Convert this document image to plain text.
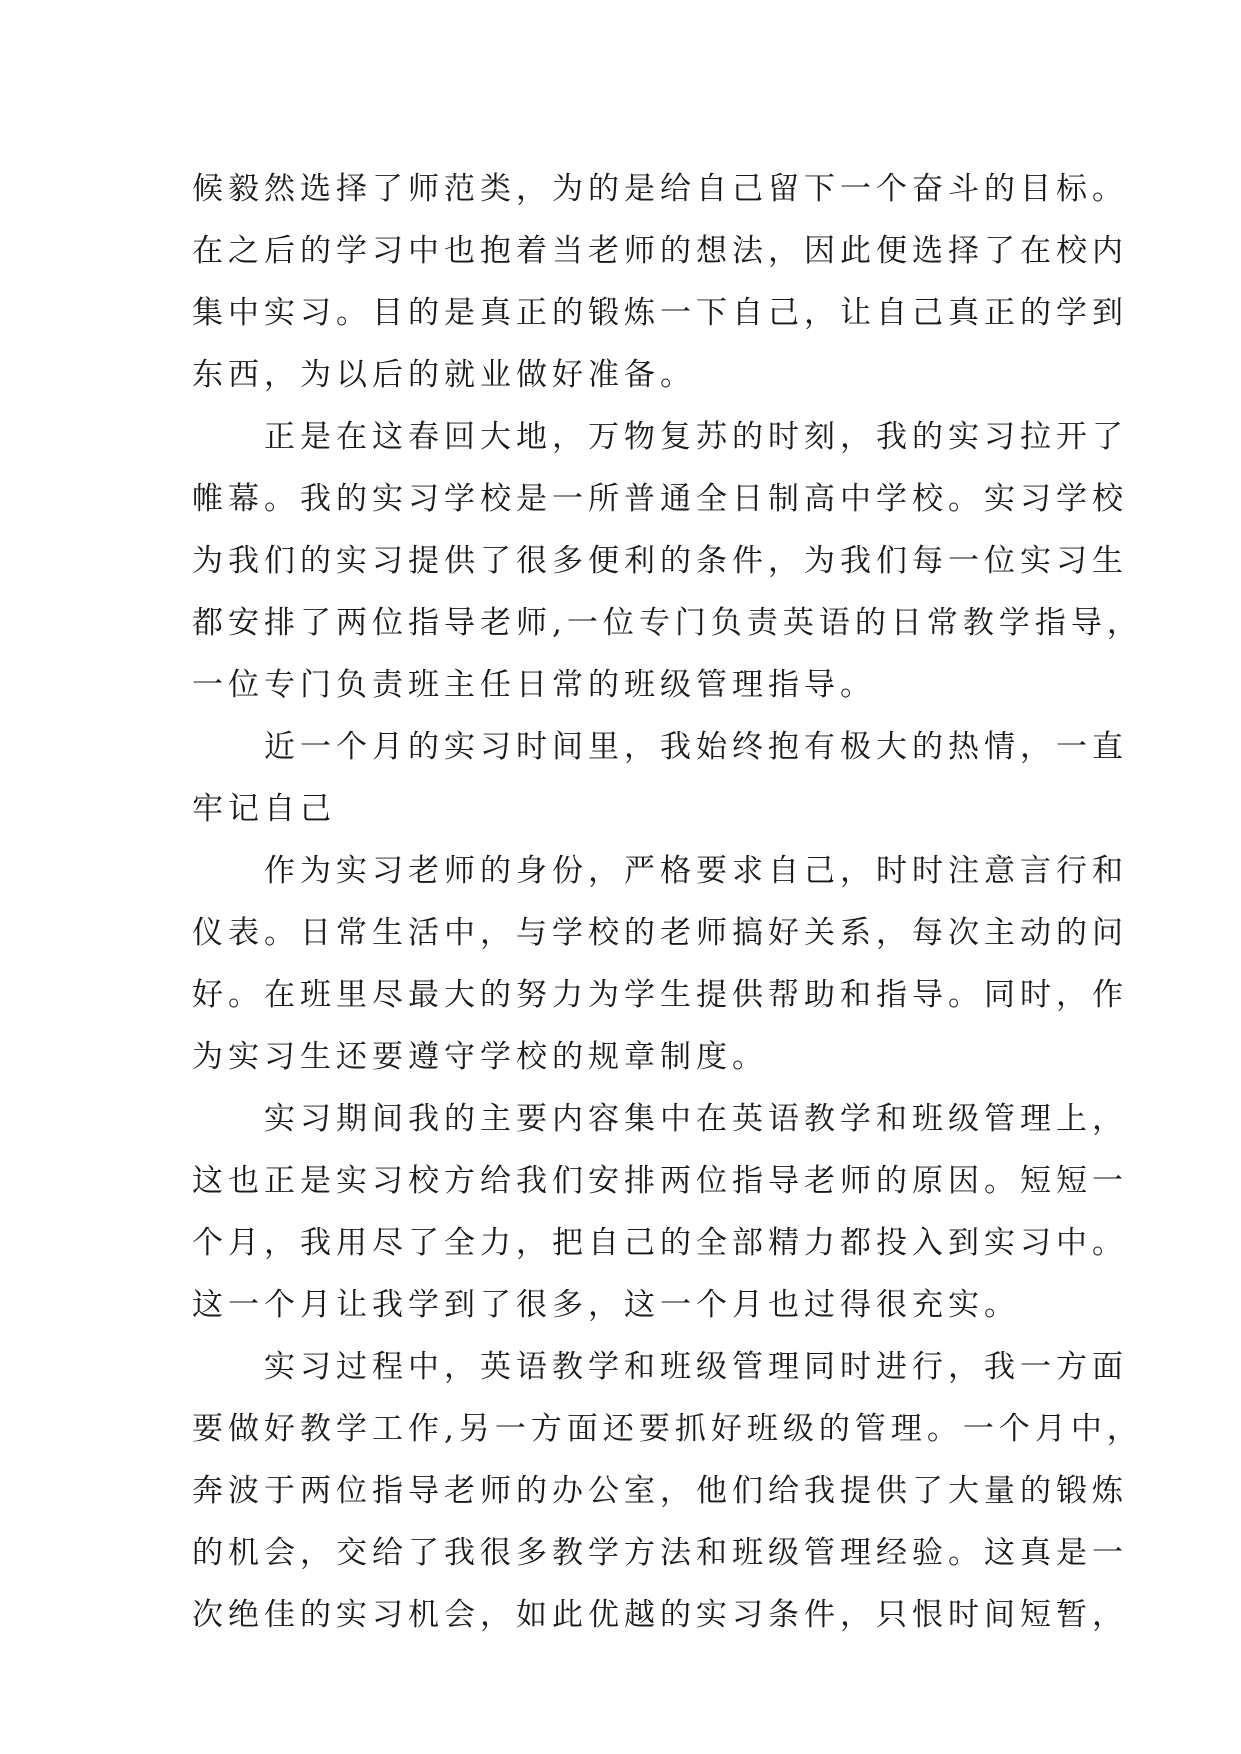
候毅然选择了师范类，为的是给自己留下一个奋斗的目标。
在之后的学习中也抱着当老师的想法，因此便选择了在校内
集中实习。目的是真正的锻炼一下自己，让自己真正的学到
东西，为以后的就业做好准备。
　　正是在这春回大地，万物复苏的时刻，我的实习拉开了
帷幕。我的实习学校是一所普通全日制高中学校。实习学校
为我们的实习提供了很多便利的条件，为我们每一位实习生
都安排了两位指导老师,一位专门负责英语的日常教学指导，
一位专门负责班主任日常的班级管理指导。
　　近一个月的实习时间里，我始终抱有极大的热情，一直
牢记自己
　　作为实习老师的身份，严格要求自己，时时注意言行和
仪表。日常生活中，与学校的老师搞好关系，每次主动的问
好。在班里尽最大的努力为学生提供帮助和指导。同时，作
为实习生还要遵守学校的规章制度。
　　实习期间我的主要内容集中在英语教学和班级管理上，
这也正是实习校方给我们安排两位指导老师的原因。短短一
个月，我用尽了全力，把自己的全部精力都投入到实习中。
这一个月让我学到了很多，这一个月也过得很充实。
　　实习过程中，英语教学和班级管理同时进行，我一方面
要做好教学工作,另一方面还要抓好班级的管理。一个月中，
奔波于两位指导老师的办公室，他们给我提供了大量的锻炼
的机会，交给了我很多教学方法和班级管理经验。这真是一
次绝佳的实习机会，如此优越的实习条件，只恨时间短暂，
